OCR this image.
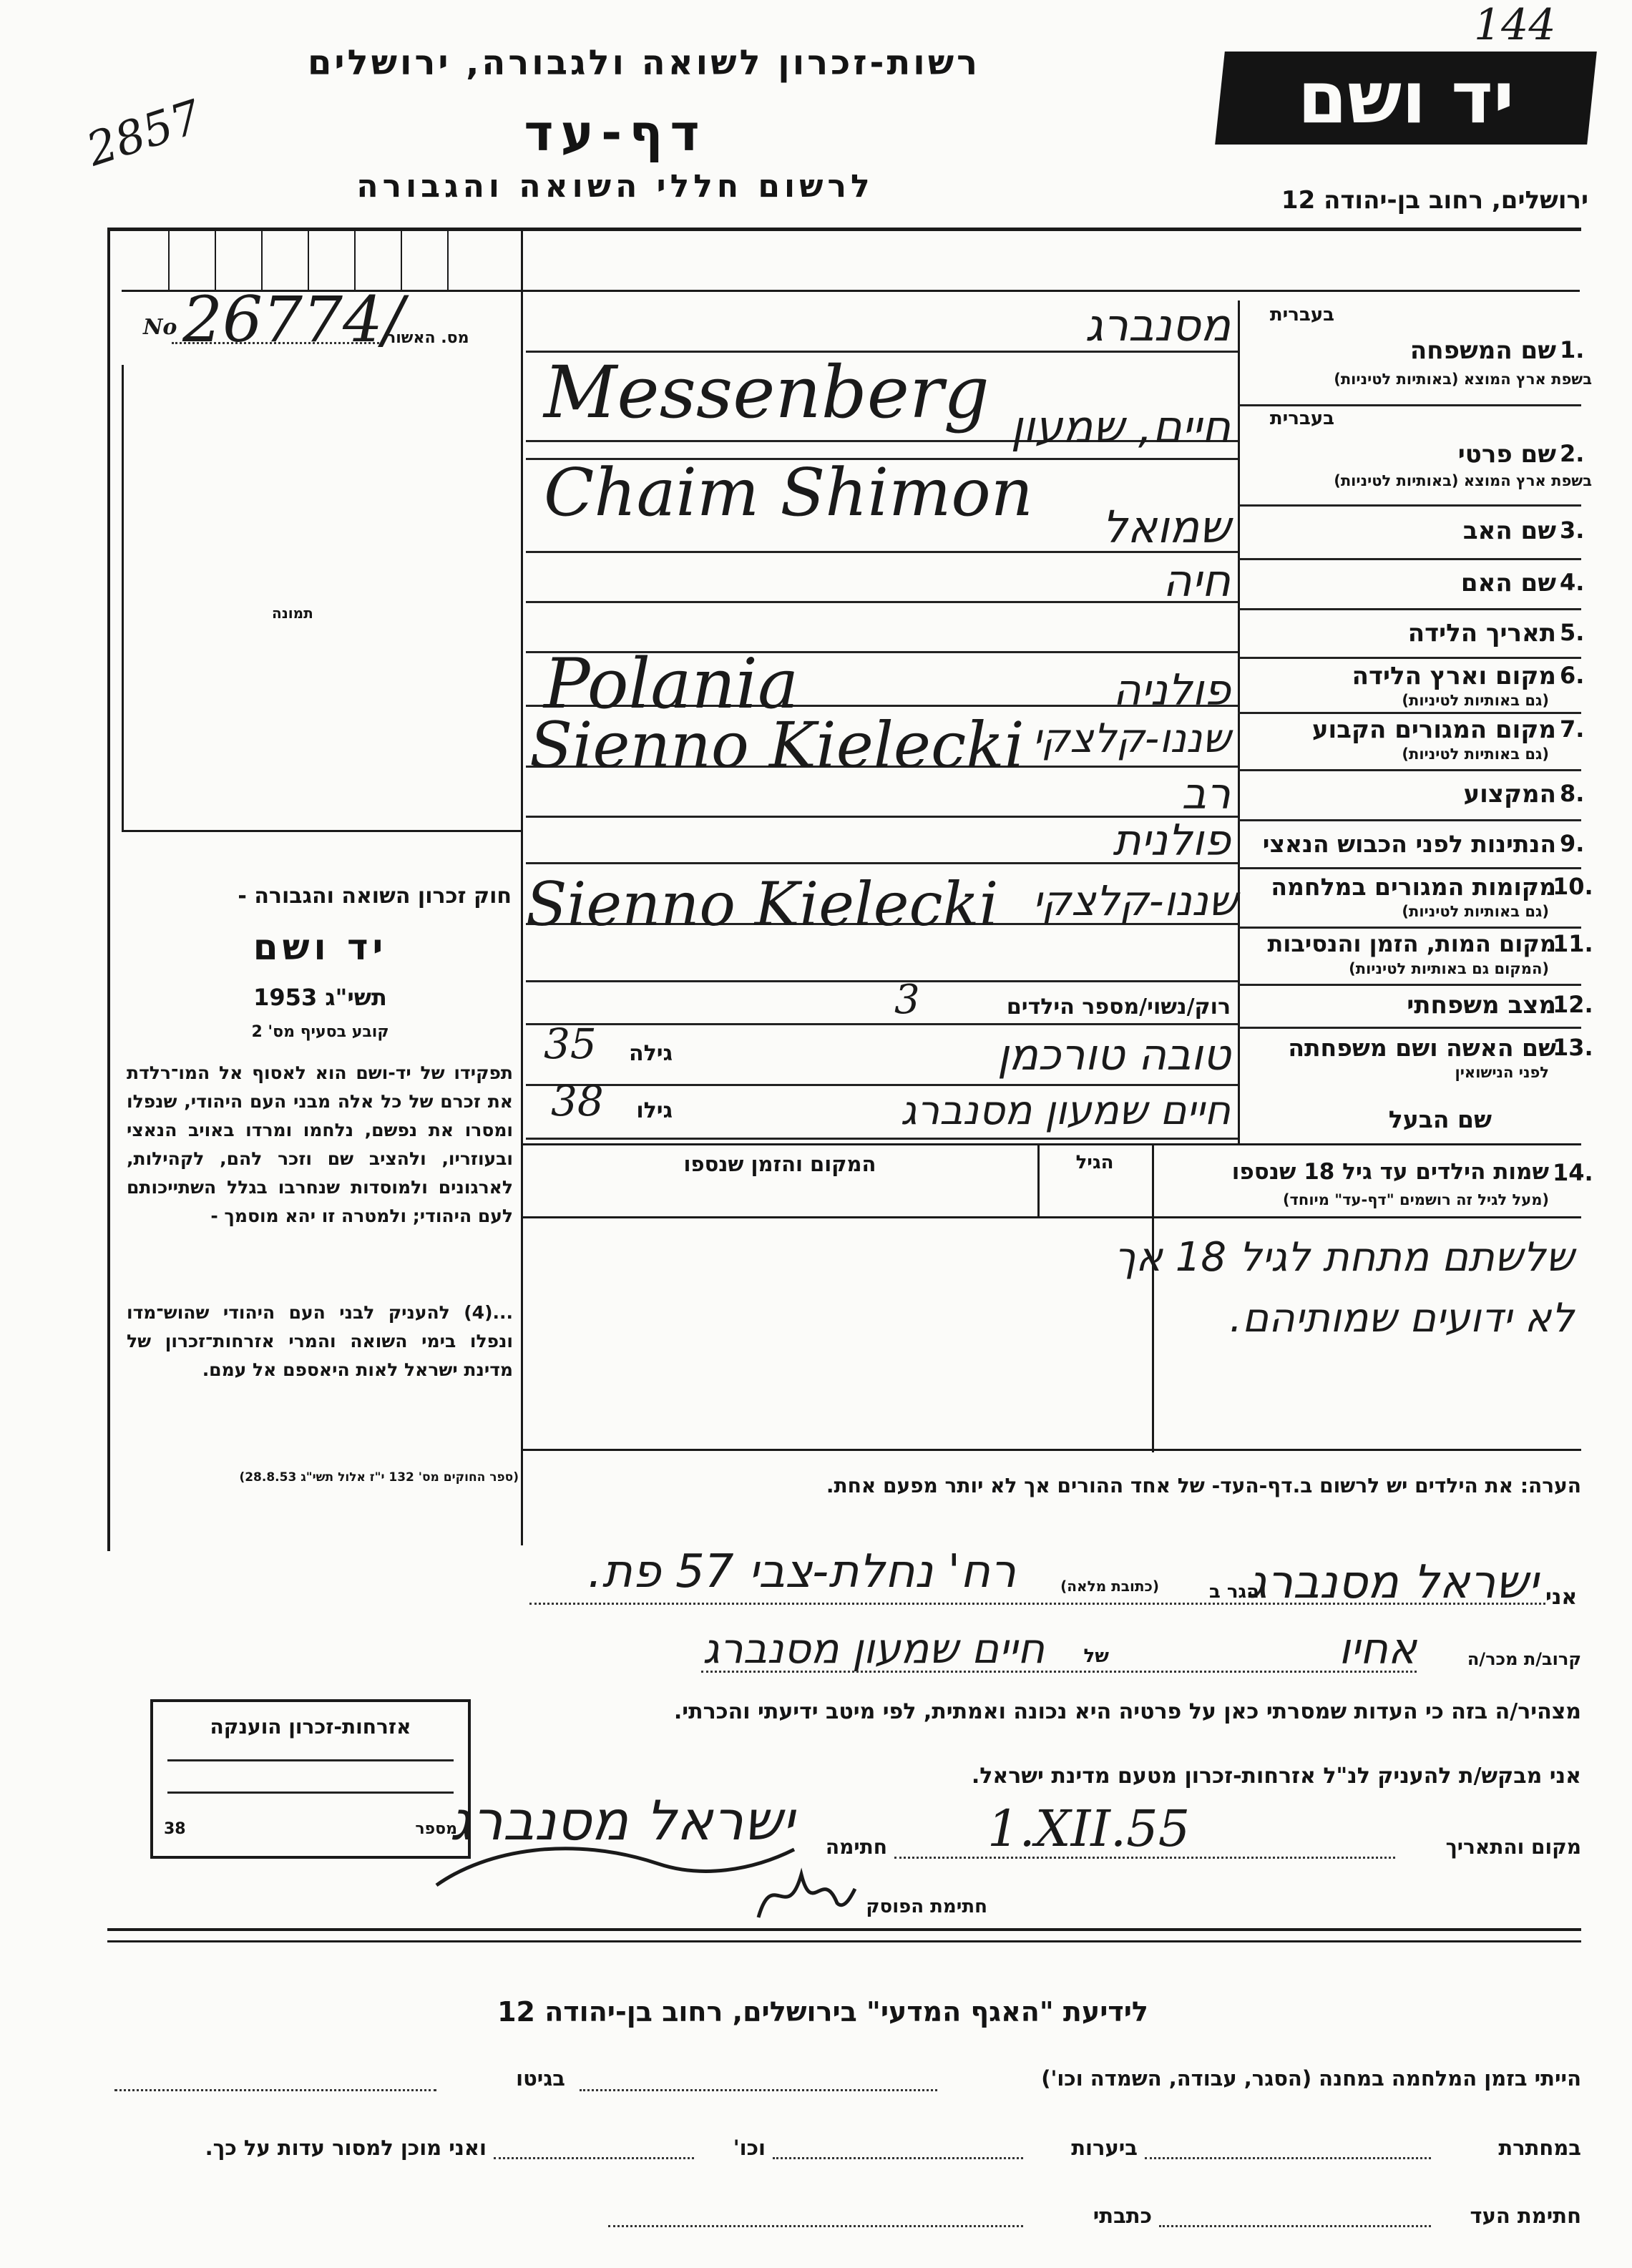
144
2857
רשות-זכרון לשואה ולגבורה, ירושלים
דף-עד
לרשום חללי השואה והגבורה
יד ושם
ירושלים, רחוב בן-יהודה 12
מס. האשור
No 26774/
תמונה
חוק זכרון השואה והגבורה -
יד ושם
תשי"ג 1953
קובע בסעיף מס' 2
תפקידו של יד-ושם הוא לאסוף אל המו־רלדת את זכרם של כל אלה מבני העם היהודי, שנפלו ומסרו את נפשם, נלחמו ומרדו באויב הנאצי ובעוזריו, ולהציב שם וזכר להם, לקהילות, לארגונים ולמוסדות שנחרבו בגלל השתייכותם לעם היהודי; ולמטרה זו יהא מוסמך -
...(4) להעניק לבני העם היהודי שהוש־מדו ונפלו בימי השואה והמרי אזרחות־זכרון של מדינת ישראל לאות היאספם אל עמם.
(ספר החוקים מס' 132 י"ז אלול תשי"ג 28.8.53)
בעברית
שם המשפחה 1.
בשפת ארץ המוצא (באותיות לטיניות)
בעברית
שם פרטי 2.
בשפת ארץ המוצא (באותיות לטיניות)
שם האב 3.
שם האם 4.
תאריך הלידה 5.
מקום וארץ הלידה 6.
(גם באותיות לטיניות)
מקום המגורים הקבוע 7.
(גם באותיות לטיניות)
המקצוע 8.
הנתינות לפני הכבוש הנאצי 9.
מקומות המגורים במלחמה
10.
(גם באותיות לטיניות)
מקום המות, הזמן והנסיבות
11.
(המקום גם באותיות לטיניות)
מצב משפחתי
12.
שם האשה ושם משפחתה
13.
לפני הנישואין
שם הבעל
מסנברג
Messenberg חיים, שמעון
Chaim Shimon	שמואל
חיה
פולניה
Polania
שננו-קלצקי
Sienno Kielecki
רב
פולנית
שננו-קלצקי
Sienno Kielecki
רוק/נשוי/מספר הילדים
3
טובה טורכמן
גילה
35
חיים שמעון מסנברג
גילו
38
14.
שמות הילדים עד גיל 18 שנספו
(מעל לגיל זה רושמים "דף-עד" מיוחד)
הגיל
המקום והזמן שנספו
שלשתם מתחת לגיל 18 אך
לא ידועים שמותיהם.
הערה: את הילדים יש לרשום ב.דף-העד- של אחד ההורים אך לא יותר מפעם אחת.
אני
ישראל מסנברג
הגר ב
(כתובת מלאה)
רח' נחלת-צבי 57 פת.
קרוב/ת מכר/ה
אחיו
של
חיים שמעון מסנברג
מצהיר/ה בזה כי העדות שמסרתי כאן על פרטיה היא נכונה ואמתית, לפי מיטב ידיעתי והכרתי.
אני מבקש/ת להעניק לנ"ל אזרחות-זכרון מטעם מדינת ישראל.
מקום והתאריך
1.XII.55
חתימה
ישראל מסנברג
חתימת הפוסק
אזרחות-זכרון הוענקה
מספר
38
לידיעת "האגף המדעי" בירושלים, רחוב בן-יהודה 12
הייתי בזמן המלחמה במחנה (הסגר, עבודה, השמדה וכו')
בגיטו
במחתרת
ביערות
וכו'
ואני מוכן למסור עדות על כך.
חתימת העד
כתבתי
